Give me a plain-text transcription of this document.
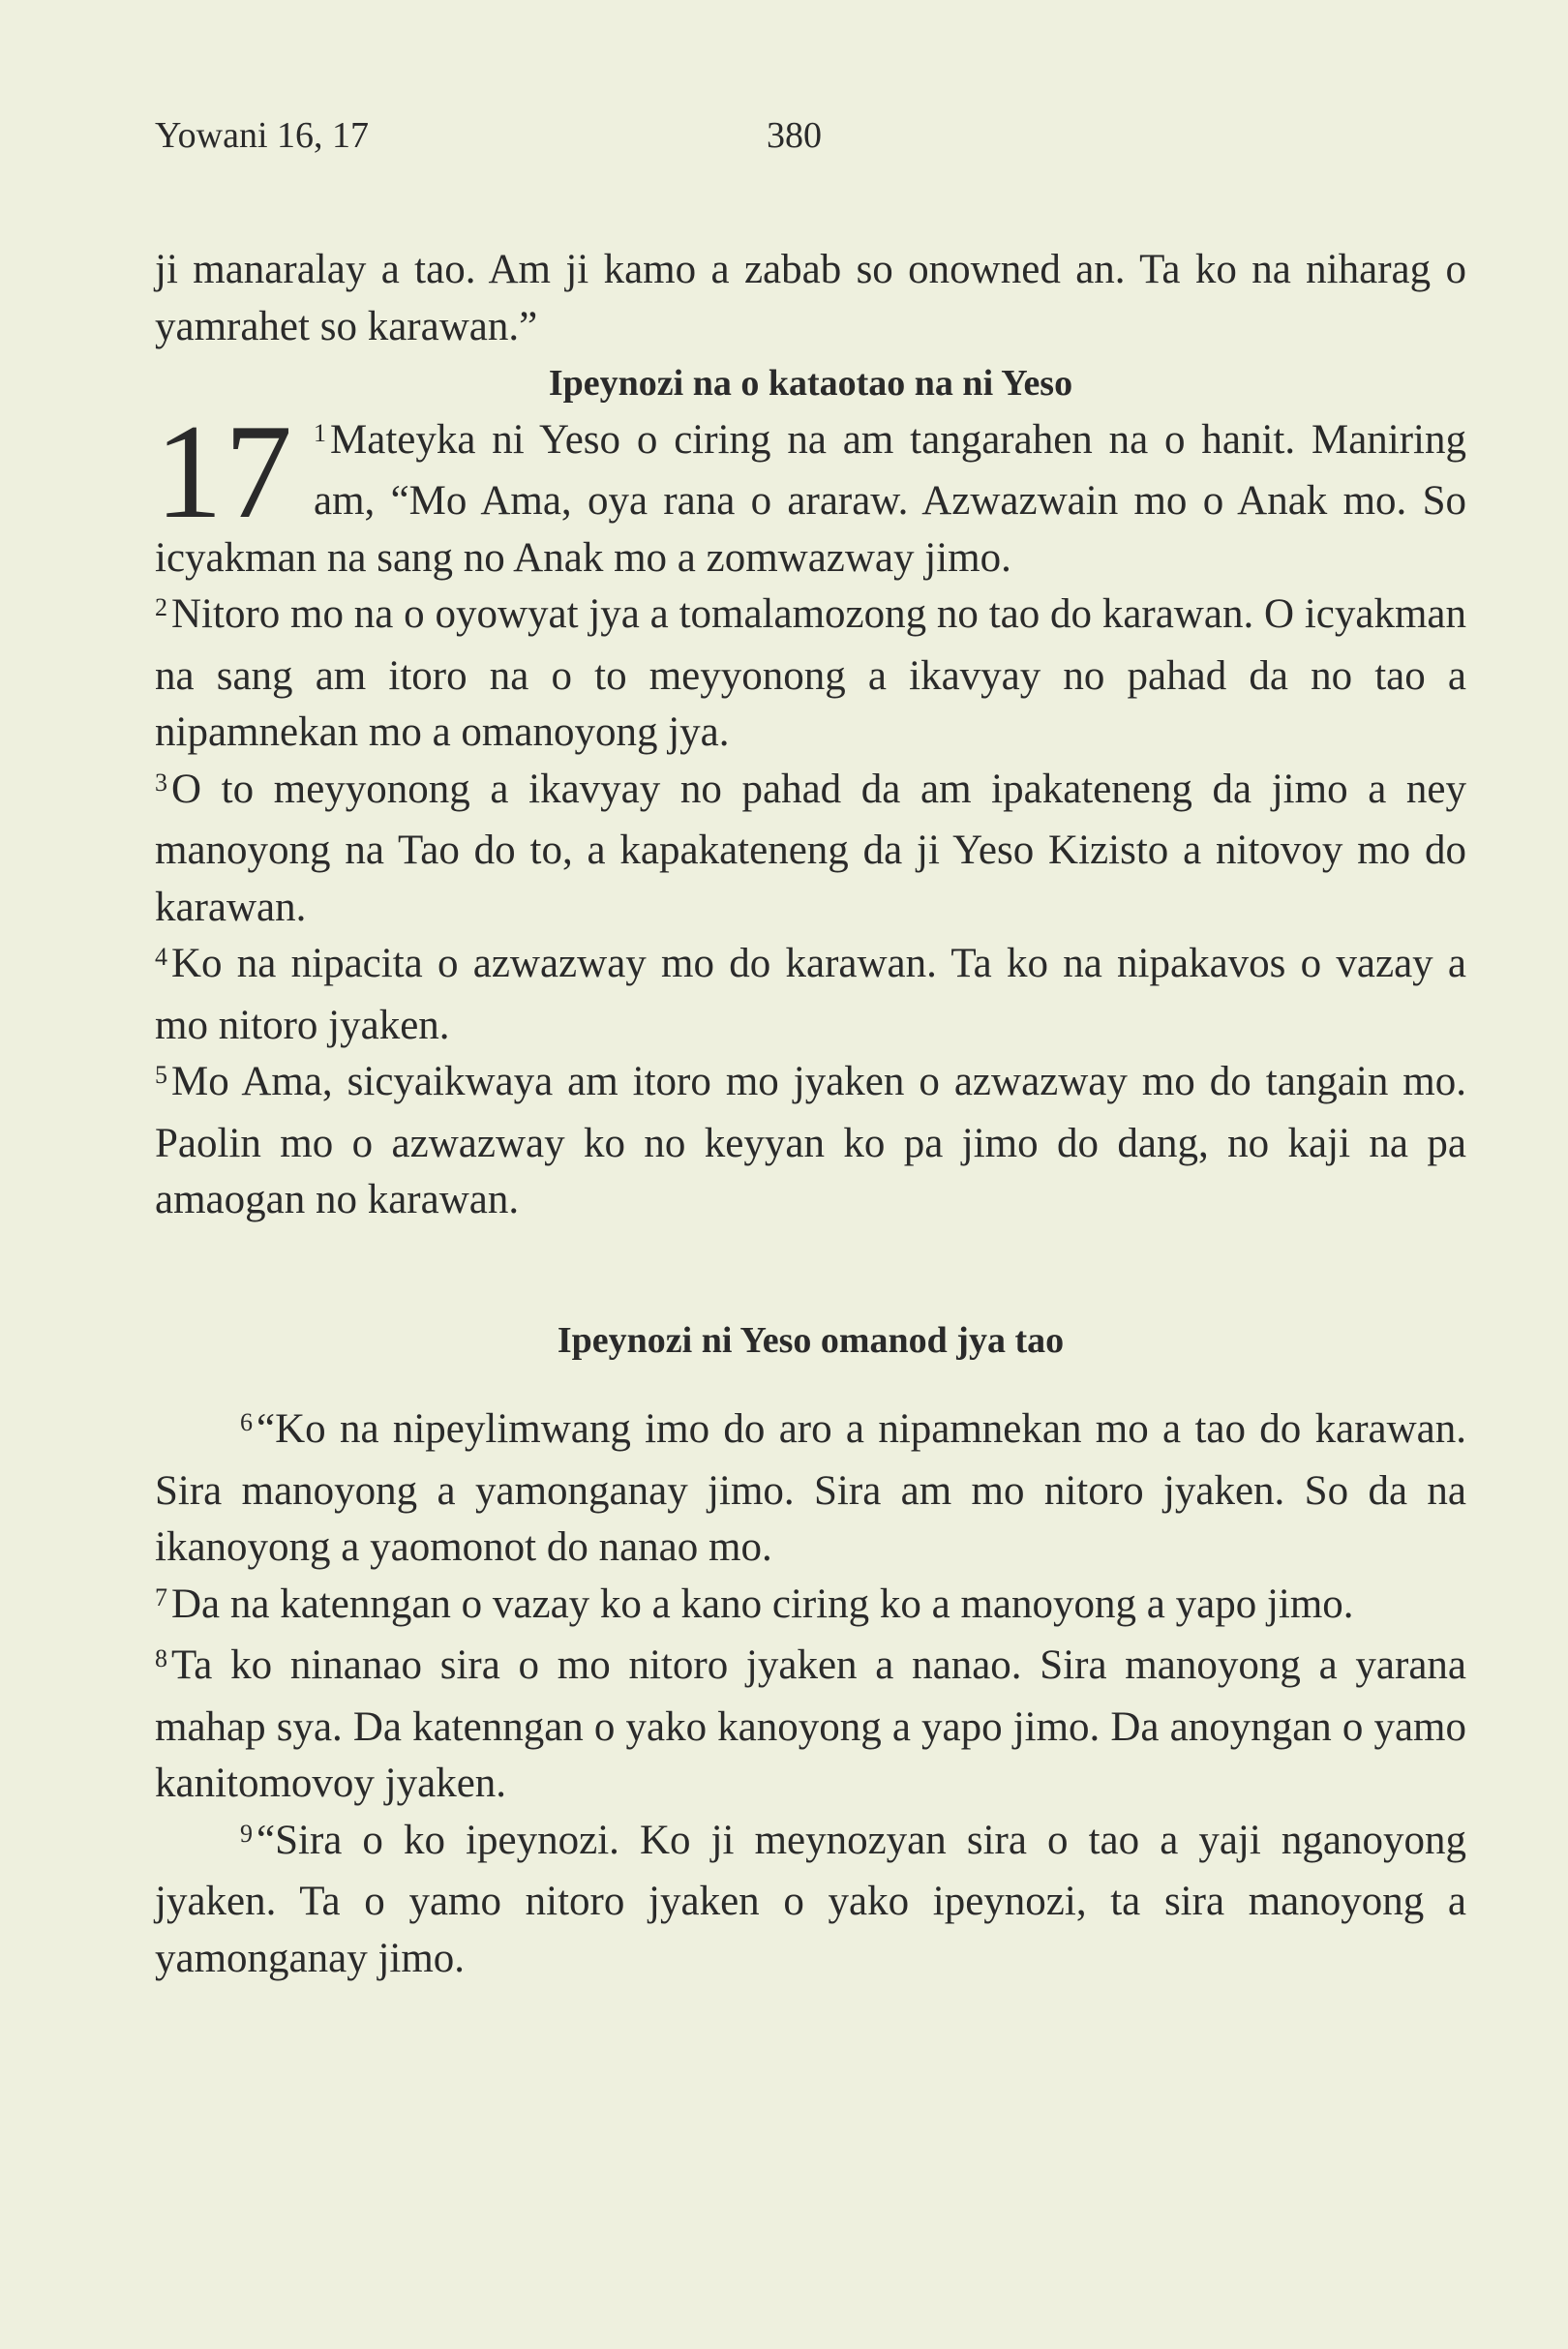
Yowani 16, 17	380

ji manaralay a tao. Am ji kamo a zabab so onowned an. Ta ko na niharag o yamrahet so karawan.”

Ipeynozi na o kataotao na ni Yeso

17 $^1$Mateyka ni Yeso o ciring na am tangarahen na o hanit. Maniring am, “Mo Ama, oya rana o araraw. Azwazwain mo o Anak mo. So icyakman na sang no Anak mo a zomwazway jimo.

$^2$Nitoro mo na o oyowyat jya a tomalamozong no tao do karawan. O icyakman na sang am itoro na o to meyyonong a ikavyay no pahad da no tao a nipamnekan mo a omanoyong jya.

$^3$O to meyyonong a ikavyay no pahad da am ipakateneng da jimo a ney manoyong na Tao do to, a kapakateneng da ji Yeso Kizisto a nitovoy mo do karawan.

$^4$Ko na nipacita o azwazway mo do karawan. Ta ko na nipakavos o vazay a mo nitoro jyaken.

$^5$Mo Ama, sicyaikwaya am itoro mo jyaken o azwazway mo do tangain mo. Paolin mo o azwazway ko no keyyan ko pa jimo do dang, no kaji na pa amaogan no karawan.

Ipeynozi ni Yeso omanod jya tao

$^6$“Ko na nipeylimwang imo do aro a nipamnekan mo a tao do karawan. Sira manoyong a yamonganay jimo. Sira am mo nitoro jyaken. So da na ikanoyong a yaomonot do nanao mo.

$^7$Da na katenngan o vazay ko a kano ciring ko a manoyong a yapo jimo.

$^8$Ta ko ninanao sira o mo nitoro jyaken a nanao. Sira manoyong a yarana mahap sya. Da katenngan o yako kanoyong a yapo jimo. Da anoyngan o yamo kanitomovoy jyaken.

$^9$“Sira o ko ipeynozi. Ko ji meynozyan sira o tao a yaji nganoyong jyaken. Ta o yamo nitoro jyaken o yako ipeynozi, ta sira manoyong a yamonganay jimo.
